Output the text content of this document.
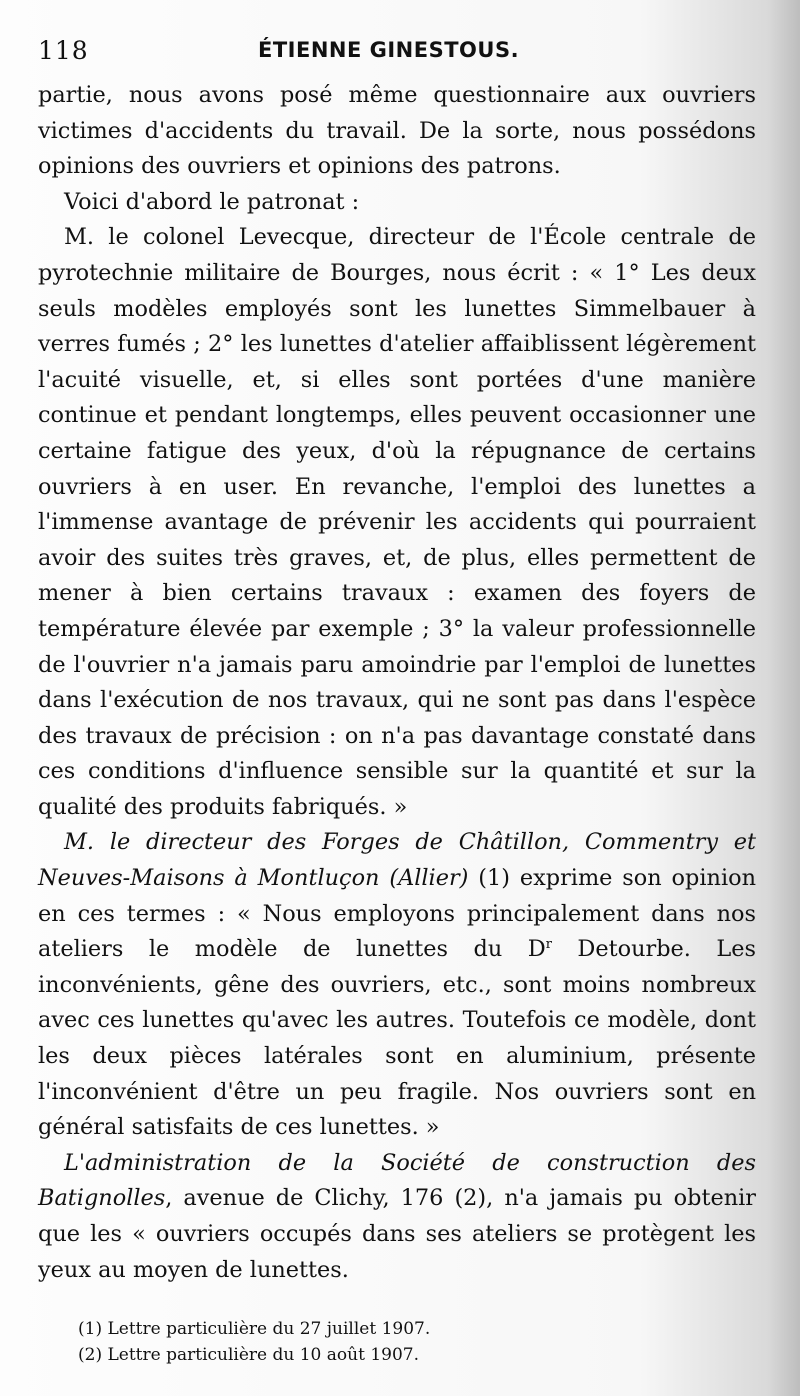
118	ÉTIENNE GINESTOUS.

partie, nous avons posé même questionnaire aux ouvriers victimes d'accidents du travail. De la sorte, nous possédons opinions des ouvriers et opinions des patrons.

Voici d'abord le patronat :

M. le colonel Levecque, directeur de l'École centrale de pyrotechnie militaire de Bourges, nous écrit : « 1° Les deux seuls modèles employés sont les lunettes Simmelbauer à verres fumés ; 2° les lunettes d'atelier affaiblissent légèrement l'acuité visuelle, et, si elles sont portées d'une manière continue et pendant longtemps, elles peuvent occasionner une certaine fatigue des yeux, d'où la répugnance de certains ouvriers à en user. En revanche, l'emploi des lunettes a l'immense avantage de prévenir les accidents qui pourraient avoir des suites très graves, et, de plus, elles permettent de mener à bien certains travaux : examen des foyers de température élevée par exemple ; 3° la valeur professionnelle de l'ouvrier n'a jamais paru amoindrie par l'emploi de lunettes dans l'exécution de nos travaux, qui ne sont pas dans l'espèce des travaux de précision : on n'a pas davantage constaté dans ces conditions d'influence sensible sur la quantité et sur la qualité des produits fabriqués. »

M. le directeur des Forges de Châtillon, Commentry et Neuves-Maisons à Montluçon (Allier) (1) exprime son opinion en ces termes : « Nous employons principalement dans nos ateliers le modèle de lunettes du $D^r$ Detourbe. Les inconvénients, gêne des ouvriers, etc., sont moins nombreux avec ces lunettes qu'avec les autres. Toutefois ce modèle, dont les deux pièces latérales sont en aluminium, présente l'inconvénient d'être un peu fragile. Nos ouvriers sont en général satisfaits de ces lunettes. »

L'administration de la Société de construction des Batignolles, avenue de Clichy, 176 (2), n'a jamais pu obtenir que les « ouvriers occupés dans ses ateliers se protègent les yeux au moyen de lunettes.

(1) Lettre particulière du 27 juillet 1907.
(2) Lettre particulière du 10 août 1907.
